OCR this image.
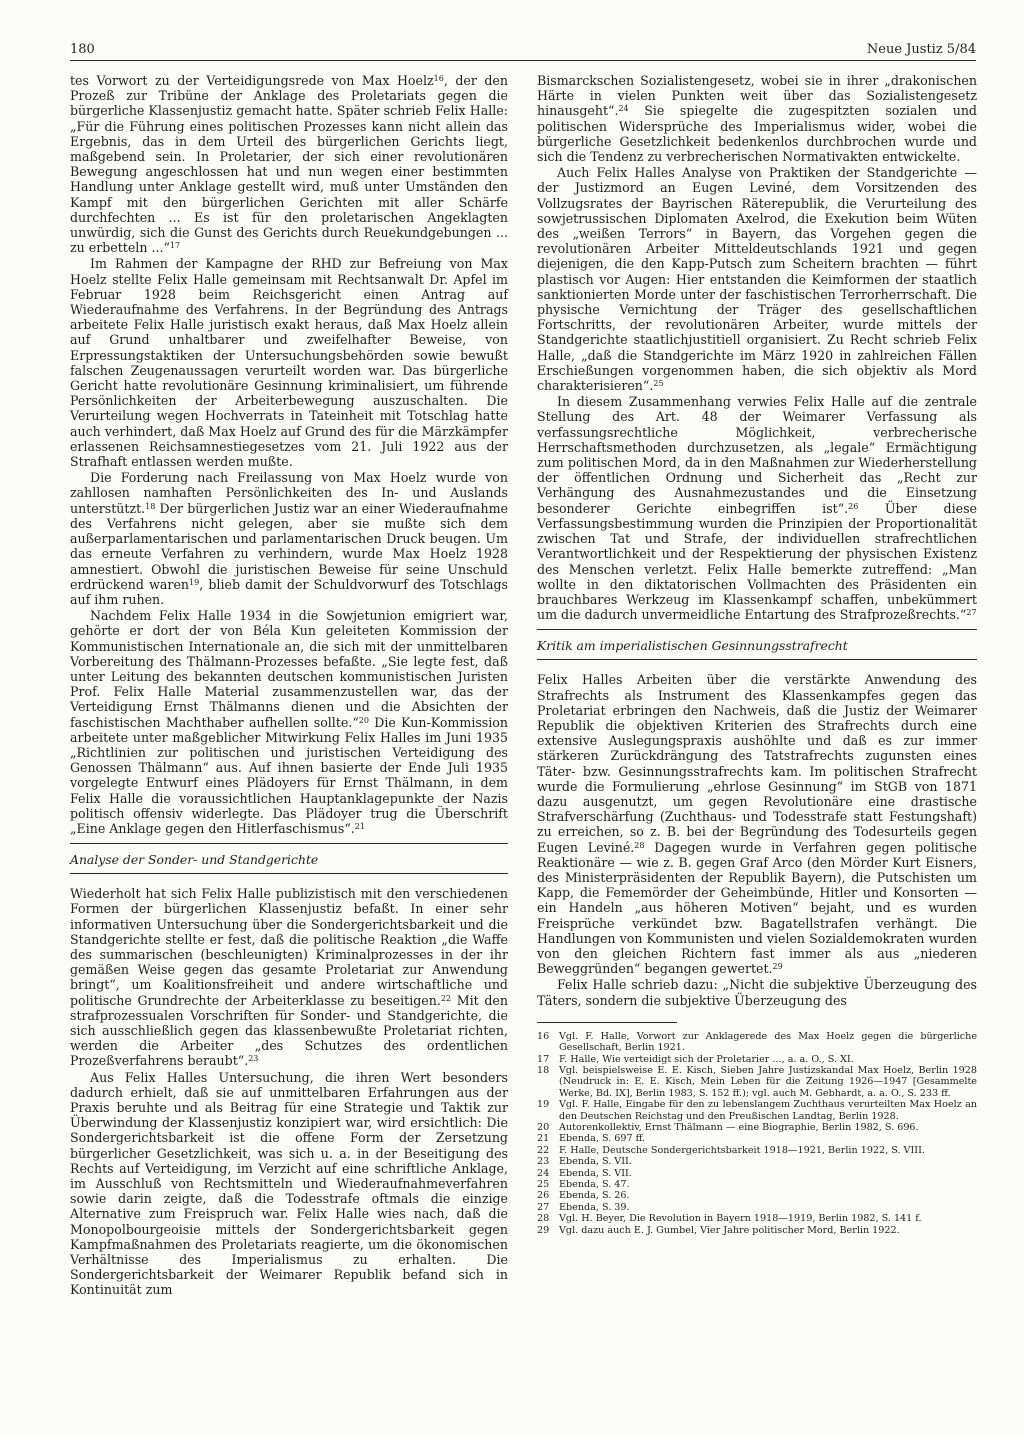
180	Neue Justiz 5/84

tes Vorwort zu der Verteidigungsrede von Max Hoelz$^{16}$, der den Prozeß zur Tribüne der Anklage des Proletariats gegen die bürgerliche Klassenjustiz gemacht hatte. Später schrieb Felix Halle: „Für die Führung eines politischen Prozesses kann nicht allein das Ergebnis, das in dem Urteil des bürgerlichen Gerichts liegt, maßgebend sein. In Proletarier, der sich einer revolutionären Bewegung angeschlossen hat und nun wegen einer bestimmten Handlung unter Anklage gestellt wird, muß unter Umständen den Kampf mit den bürgerlichen Gerichten mit aller Schärfe durchfechten ... Es ist für den proletarischen Angeklagten unwürdig, sich die Gunst des Gerichts durch Reuekundgebungen ... zu erbetteln ...“$^{17}$

Im Rahmen der Kampagne der RHD zur Befreiung von Max Hoelz stellte Felix Halle gemeinsam mit Rechtsanwalt Dr. Apfel im Februar 1928 beim Reichsgericht einen Antrag auf Wiederaufnahme des Verfahrens. In der Begründung des Antrags arbeitete Felix Halle juristisch exakt heraus, daß Max Hoelz allein auf Grund unhaltbarer und zweifelhafter Beweise, von Erpressungstaktiken der Untersuchungsbehörden sowie bewußt falschen Zeugenaussagen verurteilt worden war. Das bürgerliche Gericht hatte revolutionäre Gesinnung kriminalisiert, um führende Persönlichkeiten der Arbeiterbewegung auszuschalten. Die Verurteilung wegen Hochverrats in Tateinheit mit Totschlag hatte auch verhindert, daß Max Hoelz auf Grund des für die Märzkämpfer erlassenen Reichsamnestiegesetzes vom 21. Juli 1922 aus der Strafhaft entlassen werden mußte.

Die Forderung nach Freilassung von Max Hoelz wurde von zahllosen namhaften Persönlichkeiten des In- und Auslands unterstützt.$^{18}$ Der bürgerlichen Justiz war an einer Wiederaufnahme des Verfahrens nicht gelegen, aber sie mußte sich dem außerparlamentarischen und parlamentarischen Druck beugen. Um das erneute Verfahren zu verhindern, wurde Max Hoelz 1928 amnestiert. Obwohl die juristischen Beweise für seine Unschuld erdrückend waren$^{19}$, blieb damit der Schuldvorwurf des Totschlags auf ihm ruhen.

Nachdem Felix Halle 1934 in die Sowjetunion emigriert war, gehörte er dort der von Béla Kun geleiteten Kommission der Kommunistischen Internationale an, die sich mit der unmittelbaren Vorbereitung des Thälmann-Prozesses befaßte. „Sie legte fest, daß unter Leitung des bekannten deutschen kommunistischen Juristen Prof. Felix Halle Material zusammenzustellen war, das der Verteidigung Ernst Thälmanns dienen und die Absichten der faschistischen Machthaber aufhellen sollte.“$^{20}$ Die Kun-Kommission arbeitete unter maßgeblicher Mitwirkung Felix Halles im Juni 1935 „Richtlinien zur politischen und juristischen Verteidigung des Genossen Thälmann“ aus. Auf ihnen basierte der Ende Juli 1935 vorgelegte Entwurf eines Plädoyers für Ernst Thälmann, in dem Felix Halle die voraussichtlichen Hauptanklagepunkte der Nazis politisch offensiv widerlegte. Das Plädoyer trug die Überschrift „Eine Anklage gegen den Hitlerfaschismus“.$^{21}$

Analyse der Sonder- und Standgerichte

Wiederholt hat sich Felix Halle publizistisch mit den verschiedenen Formen der bürgerlichen Klassenjustiz befaßt. In einer sehr informativen Untersuchung über die Sondergerichtsbarkeit und die Standgerichte stellte er fest, daß die politische Reaktion „die Waffe des summarischen (beschleunigten) Kriminalprozesses in der ihr gemäßen Weise gegen das gesamte Proletariat zur Anwendung bringt“, um Koalitionsfreiheit und andere wirtschaftliche und politische Grundrechte der Arbeiterklasse zu beseitigen.$^{22}$ Mit den strafprozessualen Vorschriften für Sonder- und Standgerichte, die sich ausschließlich gegen das klassenbewußte Proletariat richten, werden die Arbeiter „des Schutzes des ordentlichen Prozeßverfahrens beraubt“.$^{23}$

Aus Felix Halles Untersuchung, die ihren Wert besonders dadurch erhielt, daß sie auf unmittelbaren Erfahrungen aus der Praxis beruhte und als Beitrag für eine Strategie und Taktik zur Überwindung der Klassenjustiz konzipiert war, wird ersichtlich: Die Sondergerichtsbarkeit ist die offene Form der Zersetzung bürgerlicher Gesetzlichkeit, was sich u. a. in der Beseitigung des Rechts auf Verteidigung, im Verzicht auf eine schriftliche Anklage, im Ausschluß von Rechtsmitteln und Wiederaufnahmeverfahren sowie darin zeigte, daß die Todesstrafe oftmals die einzige Alternative zum Freispruch war. Felix Halle wies nach, daß die Monopolbourgeoisie mittels der Sondergerichtsbarkeit gegen Kampfmaßnahmen des Proletariats reagierte, um die ökonomischen Verhältnisse des Imperialismus zu erhalten. Die Sondergerichtsbarkeit der Weimarer Republik befand sich in Kontinuität zum

Bismarckschen Sozialistengesetz, wobei sie in ihrer „drakonischen Härte in vielen Punkten weit über das Sozialistengesetz hinausgeht“.$^{24}$ Sie spiegelte die zugespitzten sozialen und politischen Widersprüche des Imperialismus wider, wobei die bürgerliche Gesetzlichkeit bedenkenlos durchbrochen wurde und sich die Tendenz zu verbrecherischen Normativakten entwickelte.

Auch Felix Halles Analyse von Praktiken der Standgerichte — der Justizmord an Eugen Leviné, dem Vorsitzenden des Vollzugsrates der Bayrischen Räterepublik, die Verurteilung des sowjetrussischen Diplomaten Axelrod, die Exekution beim Wüten des „weißen Terrors“ in Bayern, das Vorgehen gegen die revolutionären Arbeiter Mitteldeutschlands 1921 und gegen diejenigen, die den Kapp-Putsch zum Scheitern brachten — führt plastisch vor Augen: Hier entstanden die Keimformen der staatlich sanktionierten Morde unter der faschistischen Terrorherrschaft. Die physische Vernichtung der Träger des gesellschaftlichen Fortschritts, der revolutionären Arbeiter, wurde mittels der Standgerichte staatlichjustitiell organisiert. Zu Recht schrieb Felix Halle, „daß die Standgerichte im März 1920 in zahlreichen Fällen Erschießungen vorgenommen haben, die sich objektiv als Mord charakterisieren“.$^{25}$

In diesem Zusammenhang verwies Felix Halle auf die zentrale Stellung des Art. 48 der Weimarer Verfassung als verfassungsrechtliche Möglichkeit, verbrecherische Herrschaftsmethoden durchzusetzen, als „legale“ Ermächtigung zum politischen Mord, da in den Maßnahmen zur Wiederherstellung der öffentlichen Ordnung und Sicherheit das „Recht zur Verhängung des Ausnahmezustandes und die Einsetzung besonderer Gerichte einbegriffen ist“.$^{26}$ Über diese Verfassungsbestimmung wurden die Prinzipien der Proportionalität zwischen Tat und Strafe, der individuellen strafrechtlichen Verantwortlichkeit und der Respektierung der physischen Existenz des Menschen verletzt. Felix Halle bemerkte zutreffend: „Man wollte in den diktatorischen Vollmachten des Präsidenten ein brauchbares Werkzeug im Klassenkampf schaffen, unbekümmert um die dadurch unvermeidliche Entartung des Strafprozeßrechts.“$^{27}$

Kritik am imperialistischen Gesinnungsstrafrecht

Felix Halles Arbeiten über die verstärkte Anwendung des Strafrechts als Instrument des Klassenkampfes gegen das Proletariat erbringen den Nachweis, daß die Justiz der Weimarer Republik die objektiven Kriterien des Strafrechts durch eine extensive Auslegungspraxis aushöhlte und daß es zur immer stärkeren Zurückdrängung des Tatstrafrechts zugunsten eines Täter- bzw. Gesinnungsstrafrechts kam. Im politischen Strafrecht wurde die Formulierung „ehrlose Gesinnung“ im StGB von 1871 dazu ausgenutzt, um gegen Revolutionäre eine drastische Strafverschärfung (Zuchthaus- und Todesstrafe statt Festungshaft) zu erreichen, so z. B. bei der Begründung des Todesurteils gegen Eugen Leviné.$^{28}$ Dagegen wurde in Verfahren gegen politische Reaktionäre — wie z. B. gegen Graf Arco (den Mörder Kurt Eisners, des Ministerpräsidenten der Republik Bayern), die Putschisten um Kapp, die Fememörder der Geheimbünde, Hitler und Konsorten — ein Handeln „aus höheren Motiven“ bejaht, und es wurden Freisprüche verkündet bzw. Bagatellstrafen verhängt. Die Handlungen von Kommunisten und vielen Sozialdemokraten wurden von den gleichen Richtern fast immer als aus „niederen Beweggründen“ begangen gewertet.$^{29}$

Felix Halle schrieb dazu: „Nicht die subjektive Überzeugung des Täters, sondern die subjektive Überzeugung des

16	Vgl. F. Halle, Vorwort zur Anklagerede des Max Hoelz gegen die bürgerliche Gesellschaft, Berlin 1921.
17	F. Halle, Wie verteidigt sich der Proletarier ..., a. a. O., S. XI.
18	Vgl. beispielsweise E. E. Kisch, Sieben Jahre Justizskandal Max Hoelz, Berlin 1928 (Neudruck in: E. E. Kisch, Mein Leben für die Zeitung 1926—1947 [Gesammelte Werke, Bd. IX], Berlin 1983, S. 152 ff.); vgl. auch M. Gebhardt, a. a. O., S. 233 ff.
19	Vgl. F. Halle, Eingabe für den zu lebenslangem Zuchthaus verurteilten Max Hoelz an den Deutschen Reichstag und den Preußischen Landtag, Berlin 1928.
20	Autorenkollektiv, Ernst Thälmann — eine Biographie, Berlin 1982, S. 696.
21	Ebenda, S. 697 ff.
22	F. Halle, Deutsche Sondergerichtsbarkeit 1918—1921, Berlin 1922, S. VIII.
23	Ebenda, S. VII.
24	Ebenda, S. VII.
25	Ebenda, S. 47.
26	Ebenda, S. 26.
27	Ebenda, S. 39.
28	Vgl. H. Beyer, Die Revolution in Bayern 1918—1919, Berlin 1982, S. 141 f.
29	Vgl. dazu auch E. J. Gumbel, Vier Jahre politischer Mord, Berlin 1922.
